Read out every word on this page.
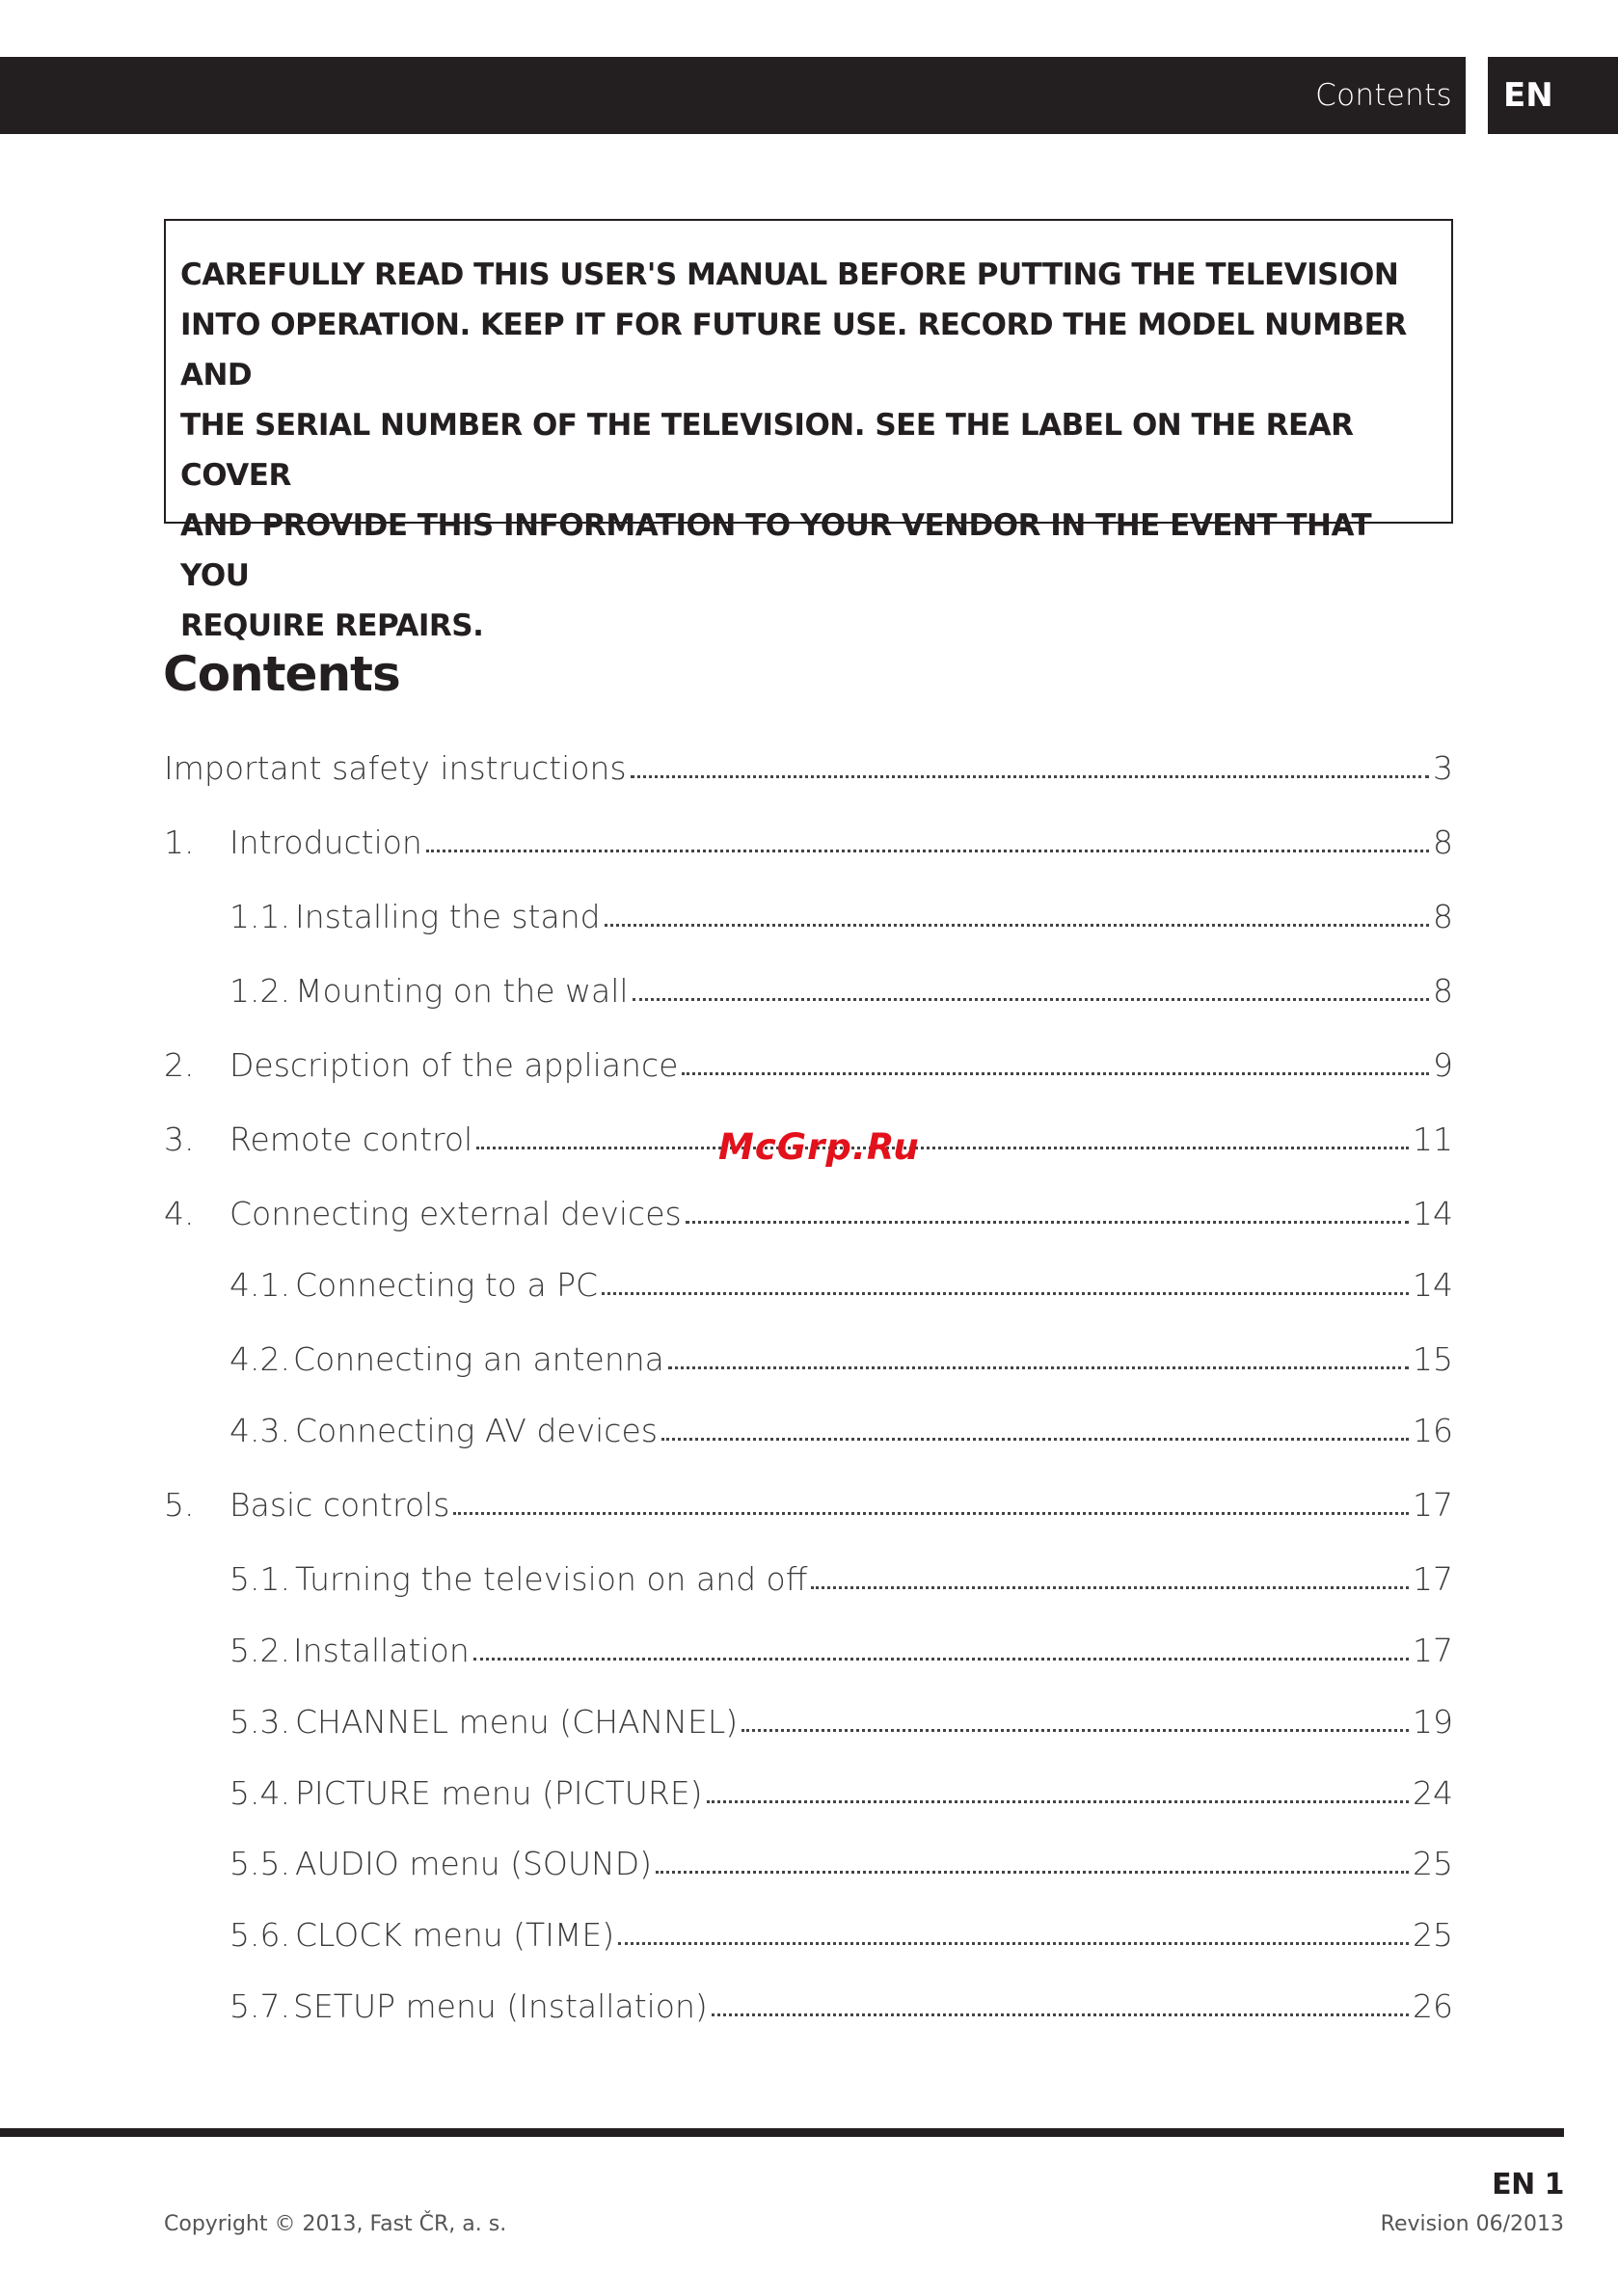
Contents	EN
CAREFULLY READ THIS USER'S MANUAL BEFORE PUTTING THE TELEVISION
INTO OPERATION. KEEP IT FOR FUTURE USE. RECORD THE MODEL NUMBER AND
THE SERIAL NUMBER OF THE TELEVISION. SEE THE LABEL ON THE REAR COVER
AND PROVIDE THIS INFORMATION TO YOUR VENDOR IN THE EVENT THAT YOU
REQUIRE REPAIRS.
Contents
Important safety instructions	3
1.	Introduction	8
1.1. Installing the stand	8
1.2. Mounting on the wall	8
2.	Description of the appliance	9
3.	Remote control	11
4.	Connecting external devices	14
4.1. Connecting to a PC	14
4.2. Connecting an antenna	15
4.3. Connecting AV devices	16
5.	Basic controls	17
5.1. Turning the television on and off	17
5.2. Installation	17
5.3. CHANNEL menu (CHANNEL)	19
5.4. PICTURE menu (PICTURE)	24
5.5. AUDIO menu (SOUND)	25
5.6. CLOCK menu (TIME)	25
5.7. SETUP menu (Installation)	26
McGrp.Ru
EN 1
Copyright © 2013, Fast ČR, a. s.	Revision 06/2013
